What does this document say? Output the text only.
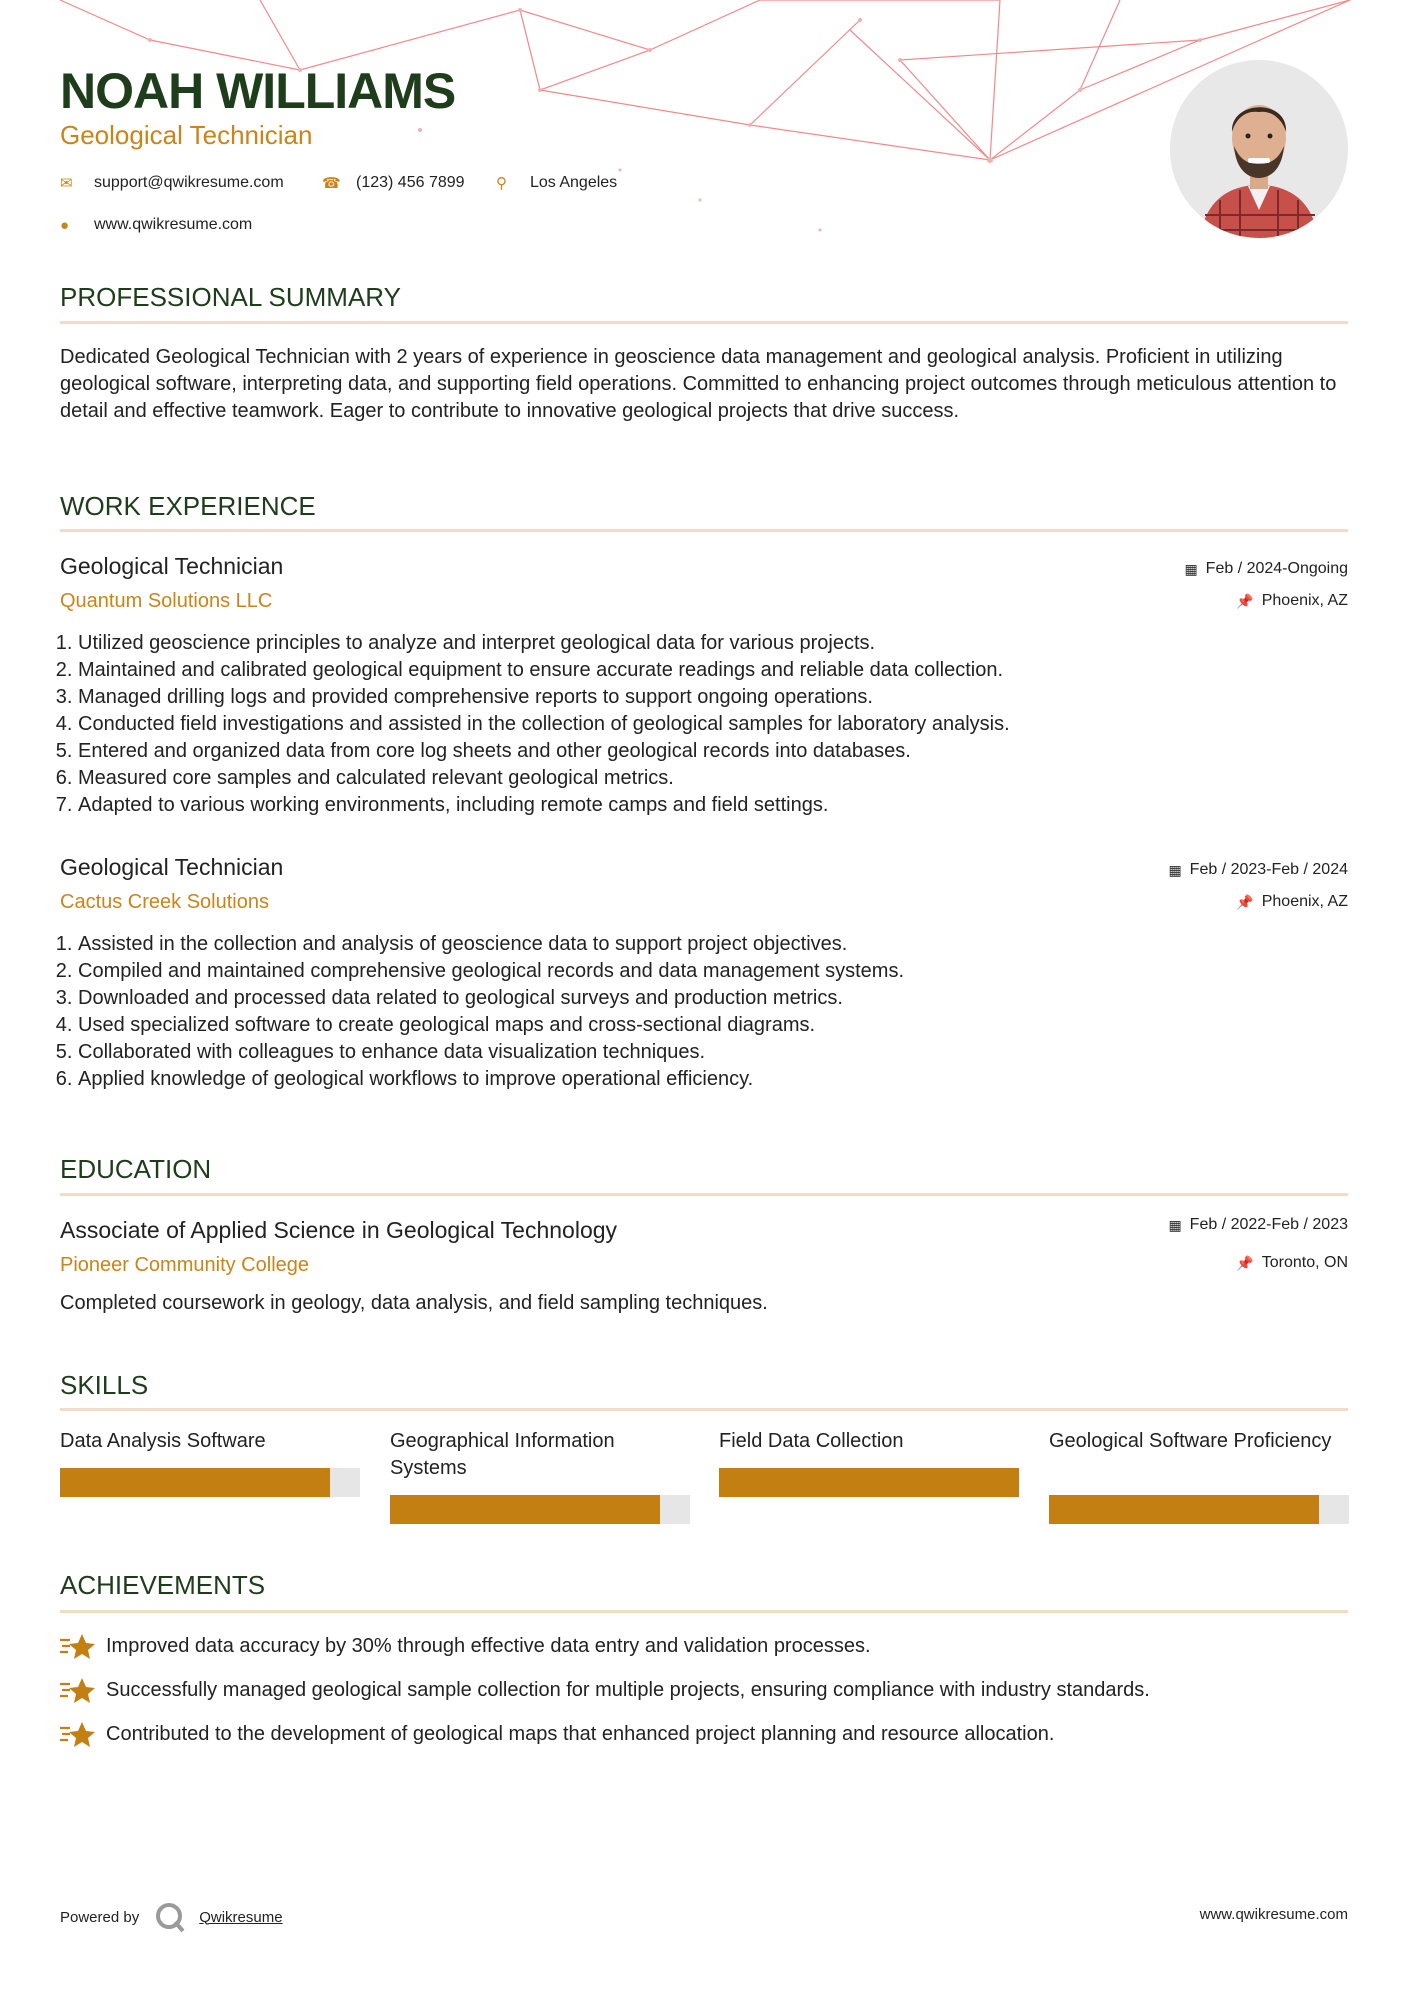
NOAH WILLIAMS
Geological Technician
✉	support@qwikresume.com	☎ (123) 456 7899 ⚲	Los Angeles
●	www.qwikresume.com
PROFESSIONAL SUMMARY
Dedicated Geological Technician with 2 years of experience in geoscience data management and geological analysis. Proficient in utilizing geological software, interpreting data, and supporting field operations. Committed to enhancing project outcomes through meticulous attention to detail and effective teamwork. Eager to contribute to innovative geological projects that drive success.
WORK EXPERIENCE
Geological Technician
Quantum Solutions LLC
▦ Feb / 2024-Ongoing
📌 Phoenix, AZ
1. Utilized geoscience principles to analyze and interpret geological data for various projects.
2. Maintained and calibrated geological equipment to ensure accurate readings and reliable data collection.
3. Managed drilling logs and provided comprehensive reports to support ongoing operations.
4. Conducted field investigations and assisted in the collection of geological samples for laboratory analysis.
5. Entered and organized data from core log sheets and other geological records into databases.
6. Measured core samples and calculated relevant geological metrics.
7. Adapted to various working environments, including remote camps and field settings.
Geological Technician
Cactus Creek Solutions
▦ Feb / 2023-Feb / 2024
📌 Phoenix, AZ
1. Assisted in the collection and analysis of geoscience data to support project objectives.
2. Compiled and maintained comprehensive geological records and data management systems.
3. Downloaded and processed data related to geological surveys and production metrics.
4. Used specialized software to create geological maps and cross-sectional diagrams.
5. Collaborated with colleagues to enhance data visualization techniques.
6. Applied knowledge of geological workflows to improve operational efficiency.
EDUCATION
Associate of Applied Science in Geological Technology
Pioneer Community College
▦ Feb / 2022-Feb / 2023
📌 Toronto, ON
Completed coursework in geology, data analysis, and field sampling techniques.
SKILLS
Data Analysis Software	Geographical Information Systems
Field Data Collection	Geological Software Proficiency
ACHIEVEMENTS
Improved data accuracy by 30% through effective data entry and validation processes.
Successfully managed geological sample collection for multiple projects, ensuring compliance with industry standards.
Contributed to the development of geological maps that enhanced project planning and resource allocation.
Powered by	Qwikresume	www.qwikresume.com
